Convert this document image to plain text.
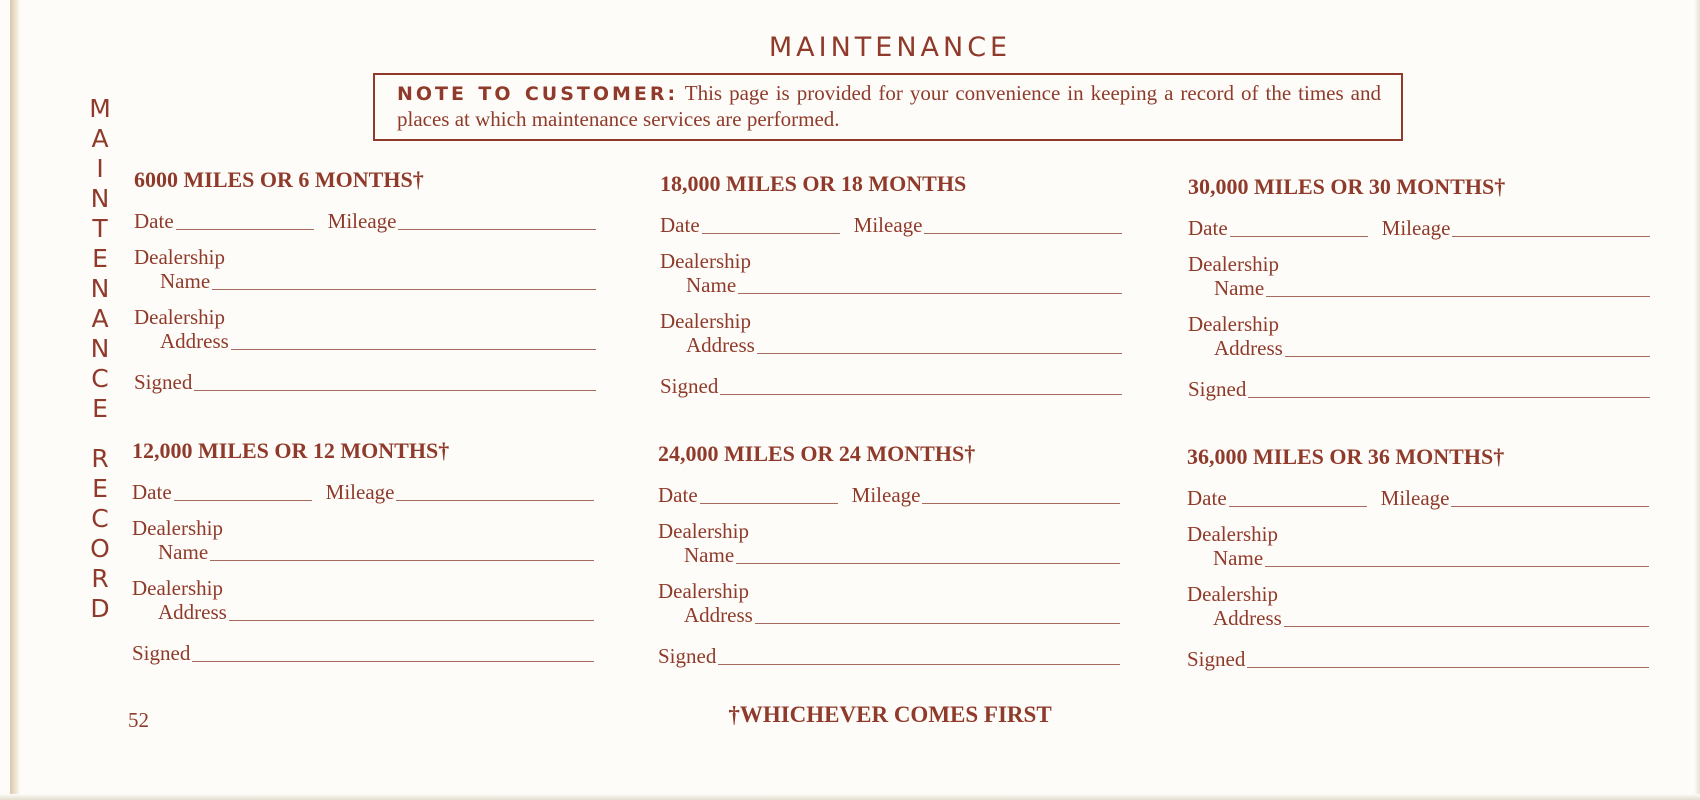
MAINTENANCE
NOTE TO CUSTOMER: This page is provided for your convenience in keeping a record of the times and places at which maintenance services are performed.
M
A
I
N
T
E
N
A
N
C
E
R
E
C
O
R
D
6000 MILES OR 6 MONTHS†
Date	Mileage
Dealership
Name
Dealership
Address
Signed
12,000 MILES OR 12 MONTHS†
Date	Mileage
Dealership
Name
Dealership
Address
Signed
18,000 MILES OR 18 MONTHS
Date	Mileage
Dealership
Name
Dealership
Address
Signed
24,000 MILES OR 24 MONTHS†
Date	Mileage
Dealership
Name
Dealership
Address
Signed
30,000 MILES OR 30 MONTHS†
Date	Mileage
Dealership
Name
Dealership
Address
Signed
36,000 MILES OR 36 MONTHS†
Date	Mileage
Dealership
Name
Dealership
Address
Signed
52	†WHICHEVER COMES FIRST
